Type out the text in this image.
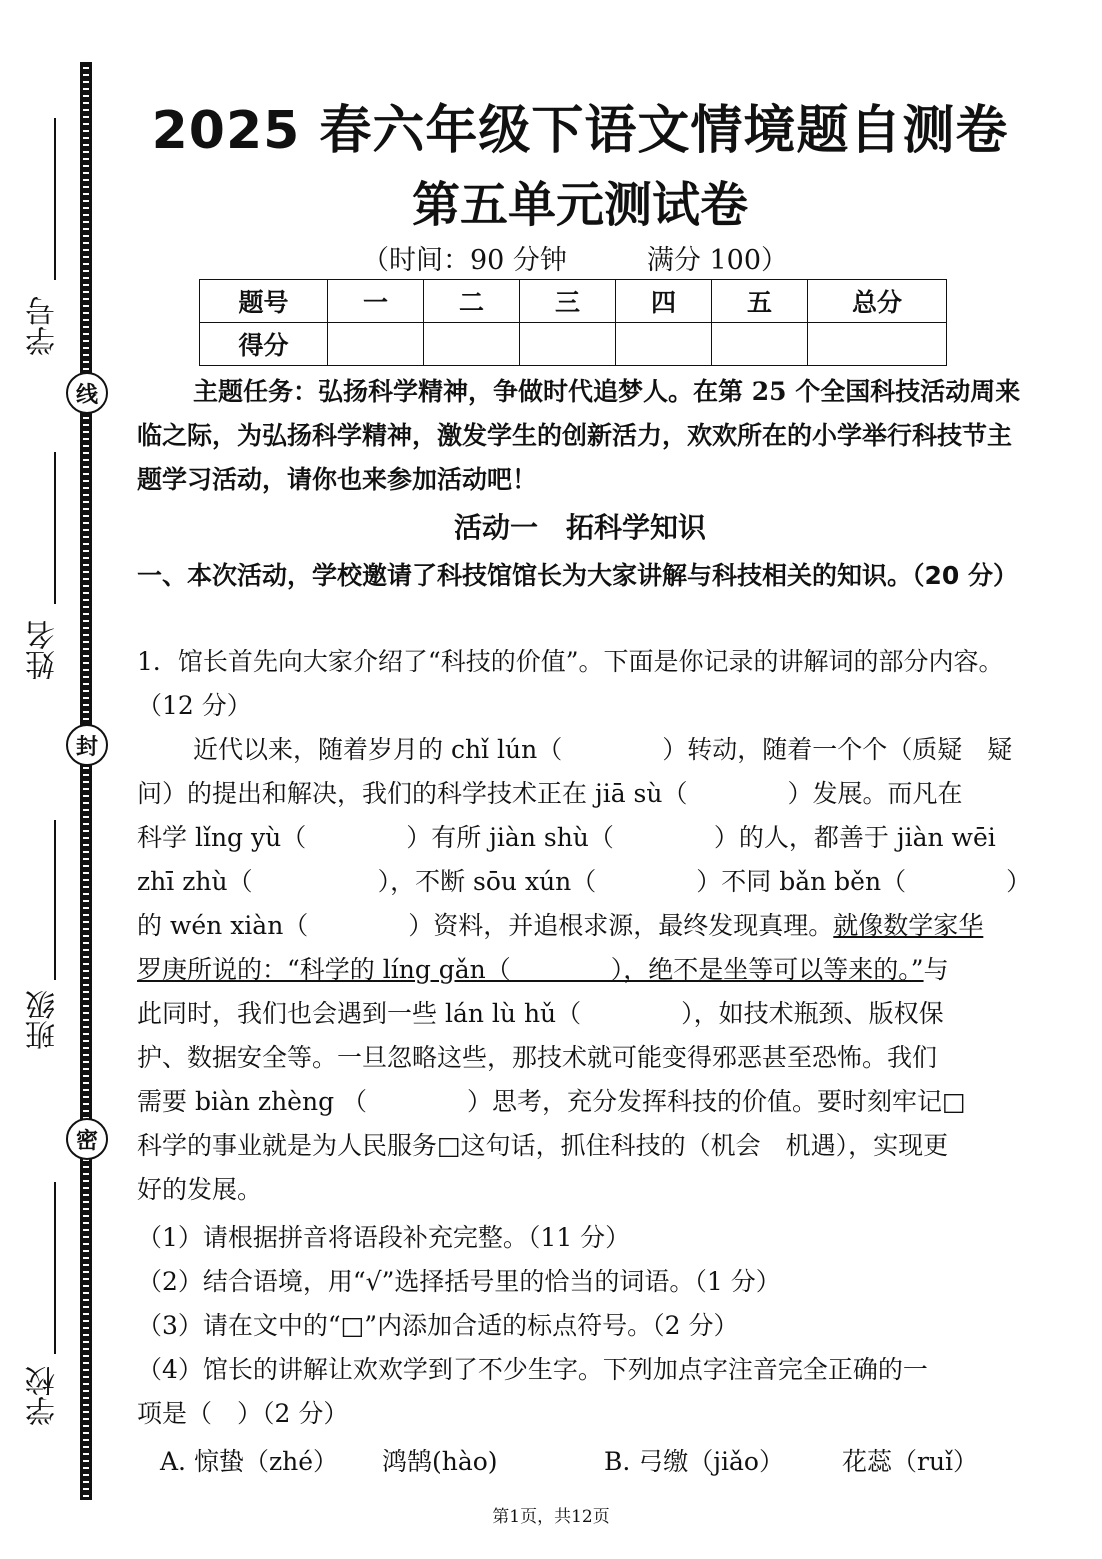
线
封
密
学号
姓名
班级
学校
2025 春六年级下语文情境题自测卷
第五单元测试卷
（时间：90 分钟	满分 100）
题号	一	二	三	四	五	总分
得分						
主题任务：弘扬科学精神，争做时代追梦人。在第 25 个全国科技活动周来临之际，为弘扬科学精神，激发学生的创新活力，欢欢所在的小学举行科技节主题学习活动，请你也来参加活动吧！
活动一　拓科学知识
一、本次活动，学校邀请了科技馆馆长为大家讲解与科技相关的知识。（20 分）
1．馆长首先向大家介绍了“科技的价值”。下面是你记录的讲解词的部分内容。（12 分）
近代以来，随着岁月的 chǐ lún（　　　　）转动，随着一个个（质疑　疑
问）的提出和解决，我们的科学技术正在 jiā sù（　　　　）发展。而凡在
科学 lǐng yù（　　　　）有所 jiàn shù（　　　　）的人，都善于 jiàn wēi
zhī zhù（　　　　　），不断 sōu xún（　　　　）不同 bǎn běn（　　　　）
的 wén xiàn（　　　　）资料，并追根求源，最终发现真理。就像数学家华
罗庚所说的：“科学的 líng gǎn（　　　　），绝不是坐等可以等来的。”与
此同时，我们也会遇到一些 lán lù hǔ（　　　　），如技术瓶颈、版权保
护、数据安全等。一旦忽略这些，那技术就可能变得邪恶甚至恐怖。我们
需要 biàn zhèng （　　　　）思考，充分发挥科技的价值。要时刻牢记□
科学的事业就是为人民服务□这句话，抓住科技的（机会　机遇），实现更
好的发展。
（1）请根据拼音将语段补充完整。（11 分）
（2）结合语境，用“√”选择括号里的恰当的词语。（1 分）
（3）请在文中的“□”内添加合适的标点符号。（2 分）
（4）馆长的讲解让欢欢学到了不少生字。下列加点字注音完全正确的一
项是（　）（2 分）
A. 惊蛰（zhé） 鸿鹄(hào)	B. 弓缴（jiǎo） 花蕊（ruǐ）
第1页，共12页
